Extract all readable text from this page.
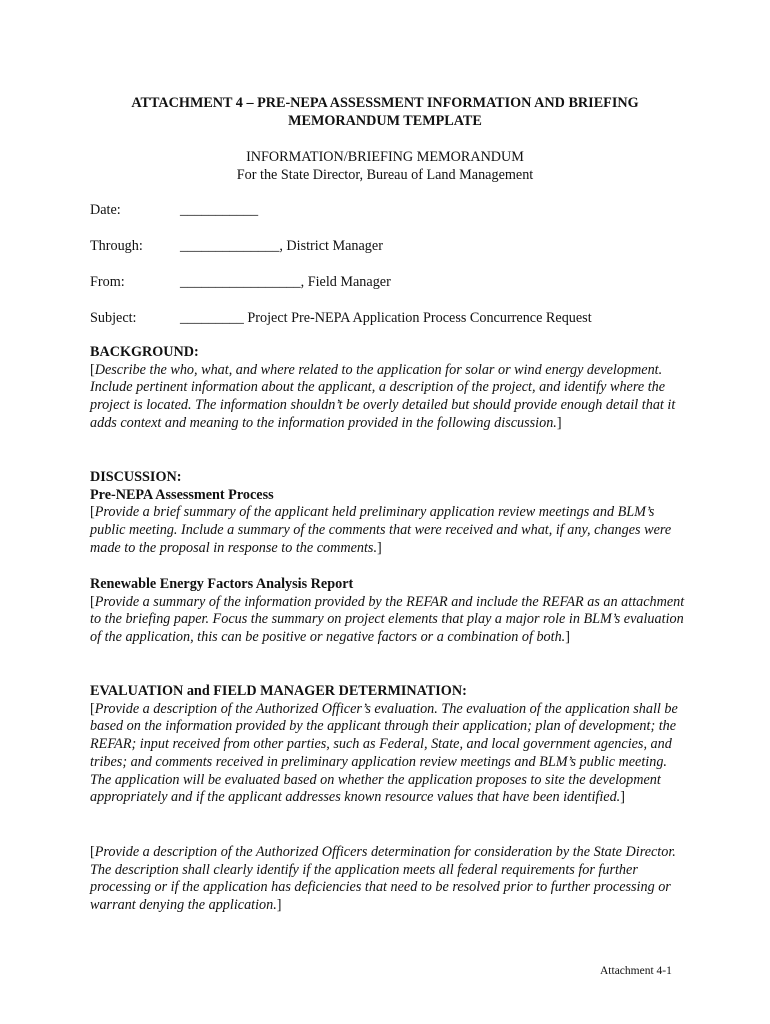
ATTACHMENT 4 – PRE-NEPA ASSESSMENT INFORMATION AND BRIEFING
MEMORANDUM TEMPLATE
INFORMATION/BRIEFING MEMORANDUM
For the State Director, Bureau of Land Management
Date:	___________
Through:	______________, District Manager
From:	_________________, Field Manager
Subject:	_________ Project Pre-NEPA Application Process Concurrence Request
BACKGROUND:
[Describe the who, what, and where related to the application for solar or wind energy development. Include pertinent information about the applicant, a description of the project, and identify where the project is located. The information shouldn’t be overly detailed but should provide enough detail that it adds context and meaning to the information provided in the following discussion.]
DISCUSSION:
Pre-NEPA Assessment Process
[Provide a brief summary of the applicant held preliminary application review meetings and BLM’s public meeting. Include a summary of the comments that were received and what, if any, changes were made to the proposal in response to the comments.]
Renewable Energy Factors Analysis Report
[Provide a summary of the information provided by the REFAR and include the REFAR as an attachment to the briefing paper. Focus the summary on project elements that play a major role in BLM’s evaluation of the application, this can be positive or negative factors or a combination of both.]
EVALUATION and FIELD MANAGER DETERMINATION:
[Provide a description of the Authorized Officer’s evaluation. The evaluation of the application shall be based on the information provided by the applicant through their application; plan of development; the REFAR; input received from other parties, such as Federal, State, and local government agencies, and tribes; and comments received in preliminary application review meetings and BLM’s public meeting. The application will be evaluated based on whether the application proposes to site the development appropriately and if the applicant addresses known resource values that have been identified.]
[Provide a description of the Authorized Officers determination for consideration by the State Director. The description shall clearly identify if the application meets all federal requirements for further processing or if the application has deficiencies that need to be resolved prior to further processing or warrant denying the application.]
Attachment 4-1
